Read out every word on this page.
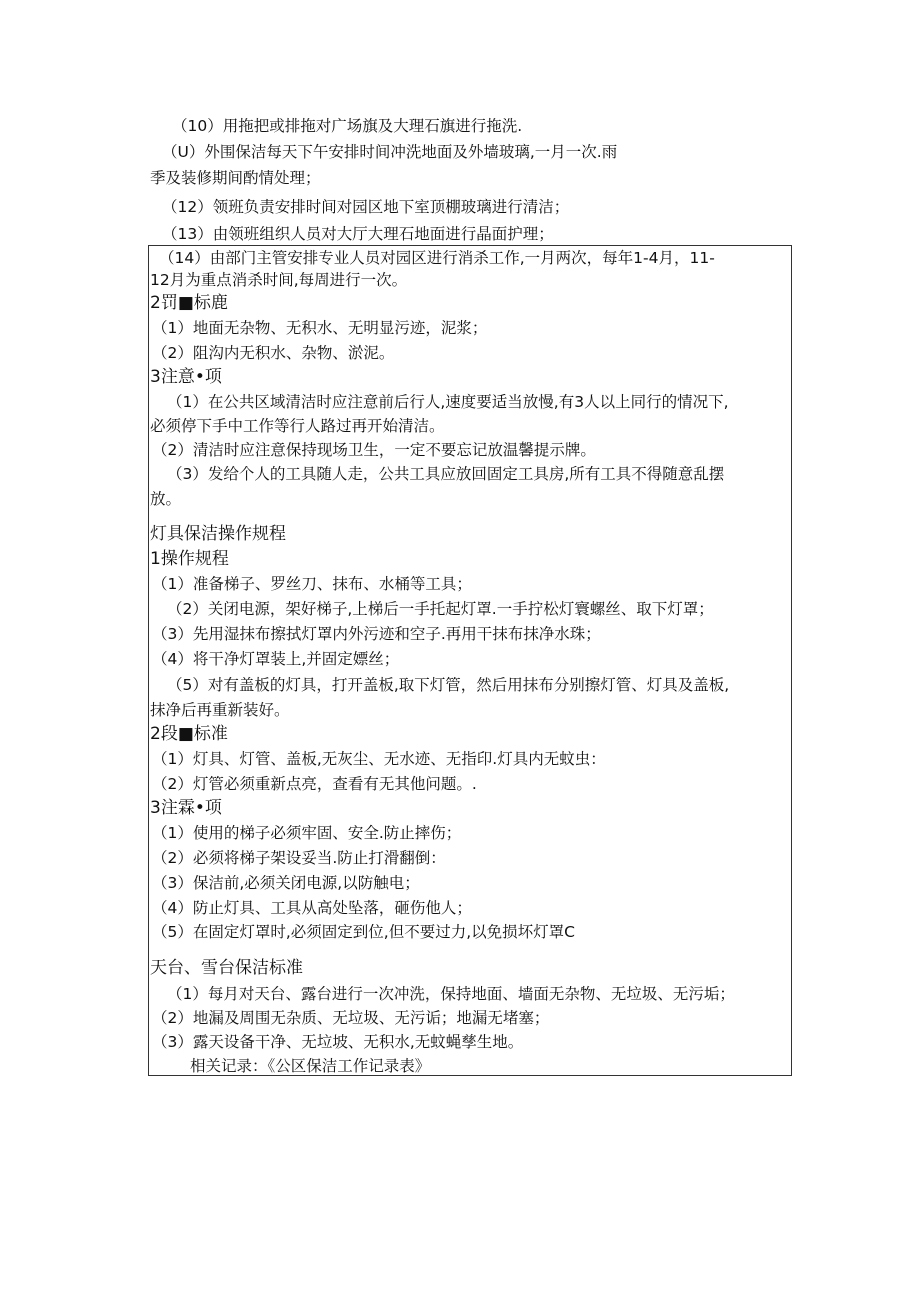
（10）用拖把或排拖对广场旗及大理石旗进行拖洗.
（U）外围保洁每天下午安排时间冲洗地面及外墙玻璃,一月一次.雨
季及装修期间酌情处理；
（12）领班负责安排时间对园区地下室顶棚玻璃进行清洁；
（13）由领班组织人员对大厅大理石地面进行晶面护理；
（14）由部门主管安排专业人员对园区进行消杀工作,一月两次，每年1-4月，11-
12月为重点消杀时间,每周进行一次。
2罚■标鹿
（1）地面无杂物、无积水、无明显污迹，泥浆；
（2）阻沟内无积水、杂物、淤泥。
3注意•项
（1）在公共区域清洁时应注意前后行人,速度要适当放慢,有3人以上同行的情况下,
必须停下手中工作等行人路过再开始清洁。
（2）清洁时应注意保持现场卫生，一定不要忘记放温馨提示牌。
（3）发给个人的工具随人走，公共工具应放回固定工具房,所有工具不得随意乱摆
放。
灯具保洁操作规程
1操作规程
（1）准备梯子、罗丝刀、抹布、水桶等工具；
（2）关闭电源，架好梯子,上梯后一手托起灯罩.一手拧松灯寰螺丝、取下灯罩；
（3）先用湿抹布擦拭灯罩内外污迹和空子.再用干抹布抹净水珠；
（4）将干净灯罩装上,并固定嫖丝；
（5）对有盖板的灯具，打开盖板,取下灯管，然后用抹布分别擦灯管、灯具及盖板,
抹净后再重新装好。
2段■标准
（1）灯具、灯管、盖板,无灰尘、无水迹、无指印.灯具内无蚊虫：
（2）灯管必须重新点亮，查看有无其他问题。.
3注霖•项
（1）使用的梯子必须牢固、安全.防止摔伤；
（2）必须将梯子架设妥当.防止打滑翻倒：
（3）保洁前,必须关闭电源,以防触电；
（4）防止灯具、工具从高处坠落，砸伤他人；
（5）在固定灯罩时,必须固定到位,但不要过力,以免损坏灯罩C
天台、雪台保洁标准
（1）每月对天台、露台进行一次冲洗，保持地面、墙面无杂物、无垃圾、无污垢；
（2）地漏及周围无杂质、无垃圾、无污诟；地漏无堵塞；
（3）露天设备干净、无垃坡、无积水,无蚊蝇孳生地。
相关记录：《公区保洁工作记录表》
